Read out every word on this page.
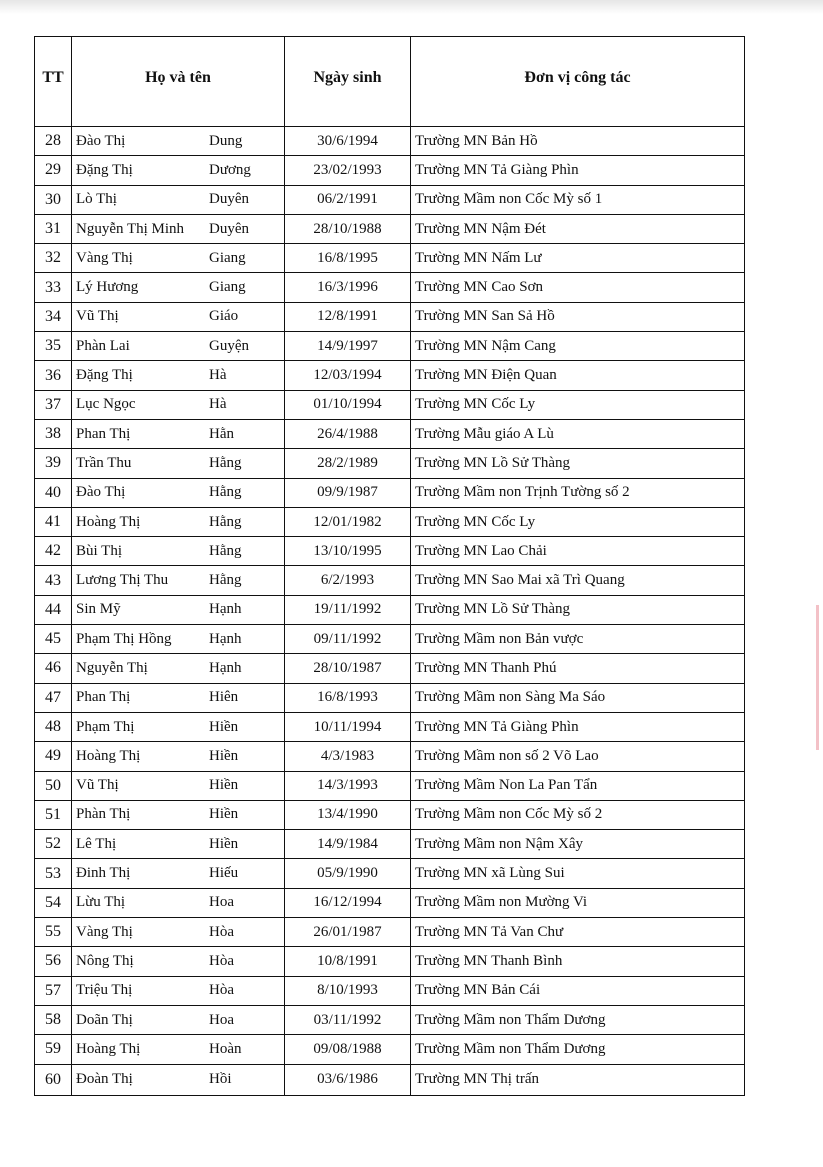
TT	Họ và tên	Ngày sinh	Đơn vị công tác
28	Đào Thị Dung	30/6/1994	Trường MN Bản Hồ
29	Đặng Thị Dương	23/02/1993	Trường MN Tả Giàng Phìn
30	Lò Thị Duyên	06/2/1991	Trường Mầm non Cốc Mỳ số 1
31	Nguyễn Thị Minh Duyên	28/10/1988	Trường MN Nậm Đét
32	Vàng Thị Giang	16/8/1995	Trường MN Nấm Lư
33	Lý Hương Giang	16/3/1996	Trường MN Cao Sơn
34	Vũ Thị Giáo	12/8/1991	Trường MN San Sả Hồ
35	Phàn Lai Guyện	14/9/1997	Trường MN Nậm Cang
36	Đặng Thị Hà	12/03/1994	Trường MN Điện Quan
37	Lục Ngọc Hà	01/10/1994	Trường MN Cốc Ly
38	Phan Thị Hằn	26/4/1988	Trường Mẫu giáo A Lù
39	Trần Thu Hằng	28/2/1989	Trường MN Lồ Sử Thàng
40	Đào Thị Hằng	09/9/1987	Trường Mầm non Trịnh Tường số 2
41	Hoàng Thị Hằng	12/01/1982	Trường MN Cốc Ly
42	Bùi Thị Hằng	13/10/1995	Trường MN Lao Chải
43	Lương Thị Thu Hằng	6/2/1993	Trường MN Sao Mai xã Trì Quang
44	Sin Mỹ Hạnh	19/11/1992	Trường MN Lồ Sử Thàng
45	Phạm Thị Hồng Hạnh	09/11/1992	Trường Mầm non Bản vược
46	Nguyễn Thị Hạnh	28/10/1987	Trường MN Thanh Phú
47	Phan Thị Hiên	16/8/1993	Trường Mầm non Sàng Ma Sáo
48	Phạm Thị Hiền	10/11/1994	Trường MN Tả Giàng Phìn
49	Hoàng Thị Hiền	4/3/1983	Trường Mầm non số 2 Võ Lao
50	Vũ Thị Hiền	14/3/1993	Trường Mầm Non La Pan Tẩn
51	Phàn Thị Hiền	13/4/1990	Trường Mầm non Cốc Mỳ số 2
52	Lê Thị Hiền	14/9/1984	Trường Mầm non Nậm Xây
53	Đinh Thị Hiếu	05/9/1990	Trường MN xã Lùng Sui
54	Lừu Thị Hoa	16/12/1994	Trường Mầm non Mường Vi
55	Vàng Thị Hòa	26/01/1987	Trường MN Tả Van Chư
56	Nông Thị Hòa	10/8/1991	Trường MN Thanh Bình
57	Triệu Thị Hòa	8/10/1993	Trường MN Bản Cái
58	Doãn Thị Hoa	03/11/1992	Trường Mầm non Thẩm Dương
59	Hoàng Thị Hoàn	09/08/1988	Trường Mầm non Thẩm Dương
60	Đoàn Thị Hồi	03/6/1986	Trường MN Thị trấn
